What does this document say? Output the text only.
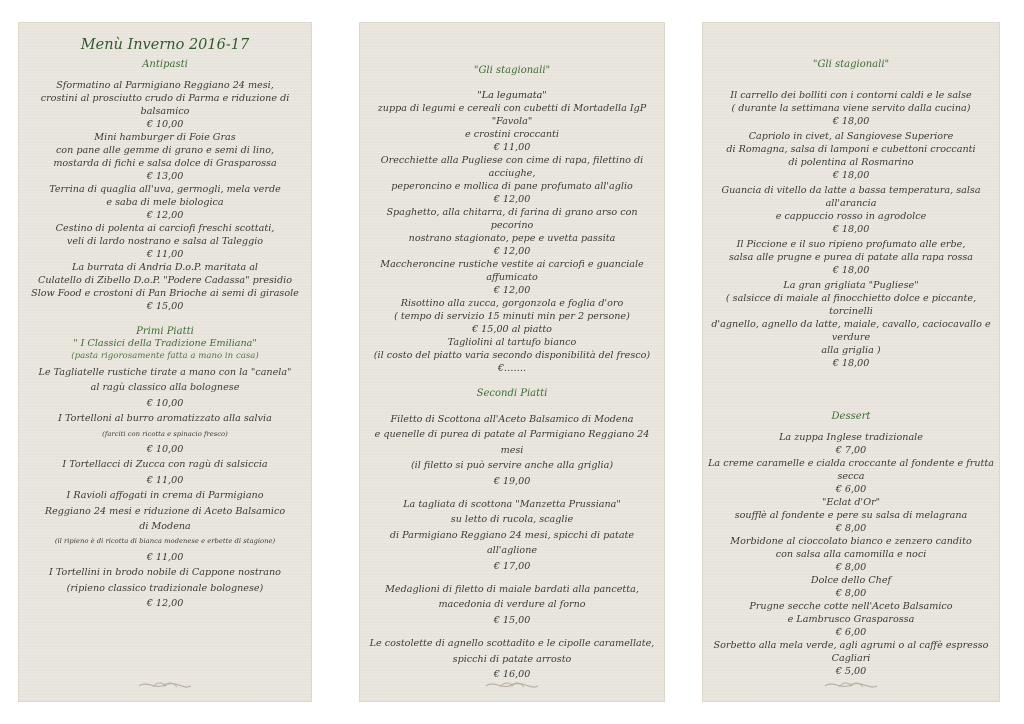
Menù Inverno 2016-17
Antipasti
Sformatino al Parmigiano Reggiano 24 mesi,
crostini al prosciutto crudo di Parma e riduzione di balsamico
€ 10,00
Mini hamburger di Foie Gras
con pane alle gemme di grano e semi di lino,
mostarda di fichi e salsa dolce di Grasparossa
€ 13,00
Terrina di quaglia all'uva, germogli, mela verde
e saba di mele biologica
€ 12,00
Cestino di polenta ai carciofi freschi scottati,
veli di lardo nostrano e salsa al Taleggio
€ 11,00
La burrata di Andria D.o.P. maritata al
Culatello di Zibello D.o.P. "Podere Cadassa" presidio
Slow Food e crostoni di Pan Brioche ai semi di girasole
€ 15,00
Primi Piatti
" I Classici della Tradizione Emiliana"
(pasta rigorosamente fatta a mano in casa)
Le Tagliatelle rustiche tirate a mano con la "canela"
al ragù classico alla bolognese
€ 10,00
I Tortelloni al burro aromatizzato alla salvia
(farciti con ricotta e spinacio fresco)
€ 10,00
I Tortellacci di Zucca con ragù di salsiccia
€ 11,00
I Ravioli affogati in crema di Parmigiano
Reggiano 24 mesi e riduzione di Aceto Balsamico
di Modena
(il ripieno è di ricotta di bianca modenese e erbette di stagione)
€ 11,00
I Tortellini in brodo nobile di Cappone nostrano
(ripieno classico tradizionale bolognese)
€ 12,00
"Gli stagionali"
"La legumata"
zuppa di legumi e cereali con cubetti di Mortadella IgP "Favola"
e crostini croccanti
€ 11,00
Orecchiette alla Pugliese con cime di rapa, filettino di acciughe,
peperoncino e mollica di pane profumato all'aglio
€ 12,00
Spaghetto, alla chitarra, di farina di grano arso con pecorino
nostrano stagionato, pepe e uvetta passita
€ 12,00
Maccheroncine rustiche vestite ai carciofi e guanciale affumicato
€ 12,00
Risottino alla zucca, gorgonzola e foglia d'oro
( tempo di servizio 15 minuti min per 2 persone)
€ 15,00 al piatto
Tagliolini al tartufo bianco
(il costo del piatto varia secondo disponibilità del fresco)
€…….
Secondi Piatti
Filetto di Scottona all'Aceto Balsamico di Modena
e quenelle di purea di patate al Parmigiano Reggiano 24 mesi
(il filetto si può servire anche alla griglia)
€ 19,00
La tagliata di scottona "Manzetta Prussiana"
su letto di rucola, scaglie
di Parmigiano Reggiano 24 mesi, spicchi di patate all'aglione
€ 17,00
Medaglioni di filetto di maiale bardati alla pancetta,
macedonia di verdure al forno
€ 15,00
Le costolette di agnello scottadito e le cipolle caramellate,
spicchi di patate arrosto
€ 16,00
"Gli stagionali"
Il carrello dei bolliti con i contorni caldi e le salse
( durante la settimana viene servito dalla cucina)
€ 18,00
Capriolo in civet, al Sangiovese Superiore
di Romagna, salsa di lamponi e cubettoni croccanti
di polentina al Rosmarino
€ 18,00
Guancia di vitello da latte a bassa temperatura, salsa all'arancia
e cappuccio rosso in agrodolce
€ 18,00
Il Piccione e il suo ripieno profumato alle erbe,
salsa alle prugne e purea di patate alla rapa rossa
€ 18,00
La gran grigliata "Pugliese"
( salsicce di maiale al finocchietto dolce e piccante, torcinelli
d'agnello, agnello da latte, maiale, cavallo, caciocavallo e verdure
alla griglia )
€ 18,00
Dessert
La zuppa Inglese tradizionale
€ 7,00
La creme caramelle e cialda croccante al fondente e frutta secca
€ 6,00
"Eclat d'Or"
soufflè al fondente e pere su salsa di melagrana
€ 8,00
Morbidone al cioccolato bianco e zenzero candito
con salsa alla camomilla e noci
€ 8,00
Dolce dello Chef
€ 8,00
Prugne secche cotte nell'Aceto Balsamico
e Lambrusco Grasparossa
€ 6,00
Sorbetto alla mela verde, agli agrumi o al caffè espresso Cagliari
€ 5,00
